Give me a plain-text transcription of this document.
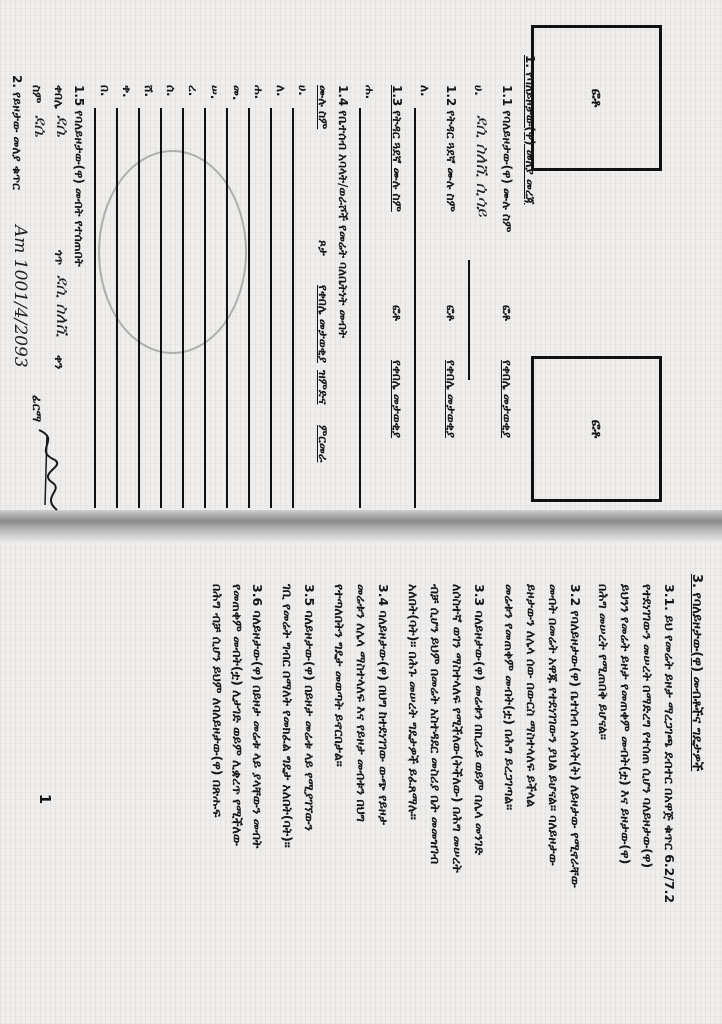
ፎቶ
ፎቶ
1. የባለይዞታው(ዋ) መለያ መረጃ
1.1 የባለይዞታው(ዋ) ሙሉ ስም
ፎቶ
የቀበሌ መታወቂያ
ሀ.
ደሲ ስለሺ ሲሳይ
1.2 የትዳር ጓደኛ ሙሉ ስም
ፎቶ
የቀበሌ መታወቂያ
ለ.
1.3 የትዳር ጓደኛ ሙሉ ስም
ፎቶ
የቀበሌ መታወቂያ
ሐ.
1.4 የቤተሰብ አባላት/ወራሾች የመሬት ባለቤትነት መብት
ሙሉ ስም
ጾታ
የቀበሌ መታወቂያ
ዝምድና
ምርመራ
ሀ.
ለ.
ሐ.
መ.
ሠ.
ረ.
ሰ.
ሸ.
ቀ.
በ.
1.5 የባለይዞታው(ዋ) መብት የተሰጠበት
ቀበሌ
ደሴ
ጎጥ
ደሲ ስለሺ
ቀን
ፊርማ
ስም
ደሴ
2. የይዞታው መለያ ቁጥር
Am 1001/4/2093
3. የባለይዞታው(ዋ) መብቶችና ግዴታዎች
3.1. ይህ የመሬት ይዞታ ማረጋገጫ ደብተር በአዋጅ ቁጥር 6.2/7.2
የተደነገገውን መሠረት በማድረግ የተሰጠ ሲሆን ባለይዞታው(ዋ)
ይህንን የመሬት ይዞታ የመጠቀም መብት(ቷ) እና ይዞታው(ዋ)
በሕግ መሠረት የሚጠበቅ ይሆናል፡፡
3.2 የባለይዞታው(ዋ) ቤተሰብ አባላት(ት) ለይዞታው የሚኖራቸው
መብት በመሬት አዋጁ የተደነገገውን ያህል ይሆናል፡፡ ባለይዞታው
ይዞታውን ለሌላ ሰው በውርስ ማስተላለፍ ይችላል
መሬቱን የመጠቀም መብት(ቷ) በሕግ ይረጋገጣል፡፡
3.3 ባለይዞታው(ዋ) መሬቱን በኪራይ ወይም በሌላ መንገድ
ለሶስተኛ ወገን ማስተላለፍ የሚችለው(ትችለው) በሕግ መሠረት
ብቻ ሲሆን ይህም በመሬት አስተዳደር መስሪያ ቤት መመዝገብ
አለበት(ባት)፡፡ በሕጉ መሠረት ግዴታዎች ይፈጸማሉ፡፡
3.4 ባለይዞታው(ዋ) በህግ ከተደነገገው ውጭ የይዞታ
መሬቱን ለሌላ ማስተላለፍ እና የይዞታ መብቱን በህግ
የተጣለበትን ግዴታ መወጣት ይኖርበታል፡፡
3.5 ባለይዞታው(ዋ) በይዞታ መሬቱ ላይ የሚያገኘውን
ገቢ የመሬት ግብር በማለት የመክፈል ግዴታ አለበት(ባት)፡፡
3.6 ባለይዞታው(ዋ) በይዞታ መሬቱ ላይ ያላቸውን መብት
የመጠቀም መብት(ቷ) ሊታገድ ወይም ሊቋረጥ የሚችለው
በሕግ ብቻ ሲሆን ይህም ለባለይዞታው(ዋ) በጽሑፍ
1
